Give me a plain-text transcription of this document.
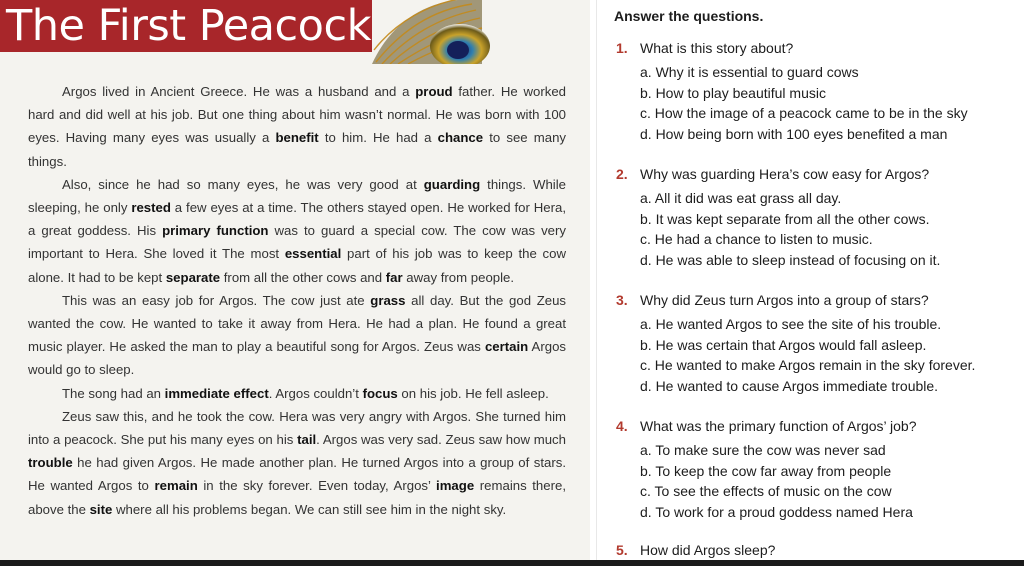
The First Peacock

Argos lived in Ancient Greece. He was a husband and a proud father. He worked hard and did well at his job. But one thing about him wasn’t normal. He was born with 100 eyes. Having many eyes was usually a benefit to him. He had a chance to see many things.

Also, since he had so many eyes, he was very good at guarding things. While sleeping, he only rested a few eyes at a time. The others stayed open. He worked for Hera, a great goddess. His primary function was to guard a special cow. The cow was very important to Hera. She loved it The most essential part of his job was to keep the cow alone. It had to be kept separate from all the other cows and far away from people.

This was an easy job for Argos. The cow just ate grass all day. But the god Zeus wanted the cow. He wanted to take it away from Hera. He had a plan. He found a great music player. He asked the man to play a beautiful song for Argos. Zeus was certain Argos would go to sleep.

The song had an immediate effect. Argos couldn’t focus on his job. He fell asleep.

Zeus saw this, and he took the cow. Hera was very angry with Argos. She turned him into a peacock. She put his many eyes on his tail. Argos was very sad. Zeus saw how much trouble he had given Argos. He made another plan. He turned Argos into a group of stars. He wanted Argos to remain in the sky forever. Even today, Argos’ image remains there, above the site where all his problems began. We can still see him in the night sky.

Answer the questions.
1. What is this story about?
a. Why it is essential to guard cows
b. How to play beautiful music
c. How the image of a peacock came to be in the sky
d. How being born with 100 eyes benefited a man
2. Why was guarding Hera’s cow easy for Argos?
a. All it did was eat grass all day.
b. It was kept separate from all the other cows.
c. He had a chance to listen to music.
d. He was able to sleep instead of focusing on it.
3. Why did Zeus turn Argos into a group of stars?
a. He wanted Argos to see the site of his trouble.
b. He was certain that Argos would fall asleep.
c. He wanted to make Argos remain in the sky forever.
d. He wanted to cause Argos immediate trouble.
4. What was the primary function of Argos’ job?
a. To make sure the cow was never sad
b. To keep the cow far away from people
c. To see the effects of music on the cow
d. To work for a proud goddess named Hera
5. How did Argos sleep?
